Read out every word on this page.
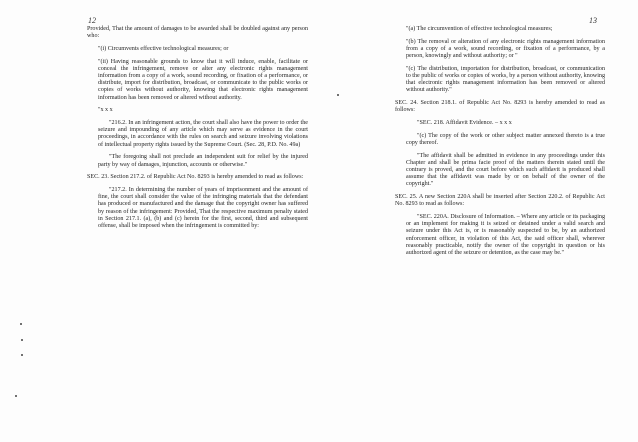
12	13

Provided, That the amount of damages to be awarded shall be doubled against any person who:

"(i) Circumvents effective technological measures; or

"(ii) Having reasonable grounds to know that it will induce, enable, facilitate or conceal the infringement, remove or alter any electronic rights management information from a copy of a work, sound recording, or fixation of a performance, or distribute, import for distribution, broadcast, or communicate to the public works or copies of works without authority, knowing that electronic rights management information has been removed or altered without authority.

"x x x

"216.2. In an infringement action, the court shall also have the power to order the seizure and impounding of any article which may serve as evidence in the court proceedings, in accordance with the rules on search and seizure involving violations of intellectual property rights issued by the Supreme Court. (Sec. 28, P.D. No. 49a)

"The foregoing shall not preclude an independent suit for relief by the injured party by way of damages, injunction, accounts or otherwise."

SEC. 23. Section 217.2. of Republic Act No. 8293 is hereby amended to read as follows:

"217.2. In determining the number of years of imprisonment and the amount of fine, the court shall consider the value of the infringing materials that the defendant has produced or manufactured and the damage that the copyright owner has suffered by reason of the infringement: Provided, That the respective maximum penalty stated in Section 217.1. (a), (b) and (c) herein for the first, second, third and subsequent offense, shall be imposed when the infringement is committed by:

"(a) The circumvention of effective technological measures;

"(b) The removal or alteration of any electronic rights management information from a copy of a work, sound recording, or fixation of a performance, by a person, knowingly and without authority; or "

"(c) The distribution, importation for distribution, broadcast, or communication to the public of works or copies of works, by a person without authority, knowing that electronic rights management information has been removed or altered without authority."

SEC. 24. Section 218.1. of Republic Act No. 8293 is hereby amended to read as follows:

"SEC. 218. Affidavit Evidence. – x x x

"(c) The copy of the work or other subject matter annexed thereto is a true copy thereof.

"The affidavit shall be admitted in evidence in any proceedings under this Chapter and shall be prima facie proof of the matters therein stated until the contrary is proved, and the court before which such affidavit is produced shall assume that the affidavit was made by or on behalf of the owner of the copyright."

SEC. 25. A new Section 220A shall be inserted after Section 220.2. of Republic Act No. 8293 to read as follows:

"SEC. 220A. Disclosure of Information. – Where any article or its packaging or an implement for making it is seized or detained under a valid search and seizure under this Act is, or is reasonably suspected to be, by an authorized enforcement officer, in violation of this Act, the said officer shall, wherever reasonably practicable, notify the owner of the copyright in question or his authorized agent of the seizure or detention, as the case may be."
